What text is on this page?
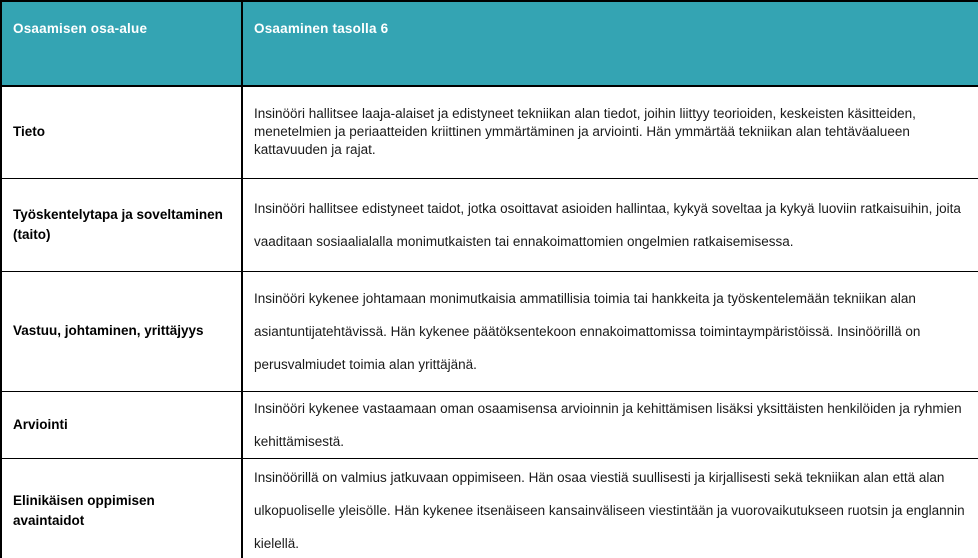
Osaamisen osa-alue	Osaaminen tasolla 6
Tieto	Insinööri hallitsee laaja-alaiset ja edistyneet tekniikan alan tiedot, joihin liittyy teorioiden, keskeisten käsitteiden, menetelmien ja periaatteiden kriittinen ymmärtäminen ja arviointi. Hän ymmärtää tekniikan alan tehtäväalueen kattavuuden ja rajat.
Työskentelytapa ja soveltaminen (taito)	Insinööri hallitsee edistyneet taidot, jotka osoittavat asioiden hallintaa, kykyä soveltaa ja kykyä luoviin ratkaisuihin, joita vaaditaan sosiaalialalla monimutkaisten tai ennakoimattomien ongelmien ratkaisemisessa.
Vastuu, johtaminen, yrittäjyys	Insinööri kykenee johtamaan monimutkaisia ammatillisia toimia tai hankkeita ja työskentelemään tekniikan alan asiantuntijatehtävissä. Hän kykenee päätöksentekoon ennakoimattomissa toimintaympäristöissä. Insinöörillä on perusvalmiudet toimia alan yrittäjänä.
Arviointi	Insinööri kykenee vastaamaan oman osaamisensa arvioinnin ja kehittämisen lisäksi yksittäisten henkilöiden ja ryhmien kehittämisestä.
Elinikäisen oppimisen avaintaidot	Insinöörillä on valmius jatkuvaan oppimiseen. Hän osaa viestiä suullisesti ja kirjallisesti sekä tekniikan alan että alan ulkopuoliselle yleisölle. Hän kykenee itsenäiseen kansainväliseen viestintään ja vuorovaikutukseen ruotsin ja englannin kielellä.
